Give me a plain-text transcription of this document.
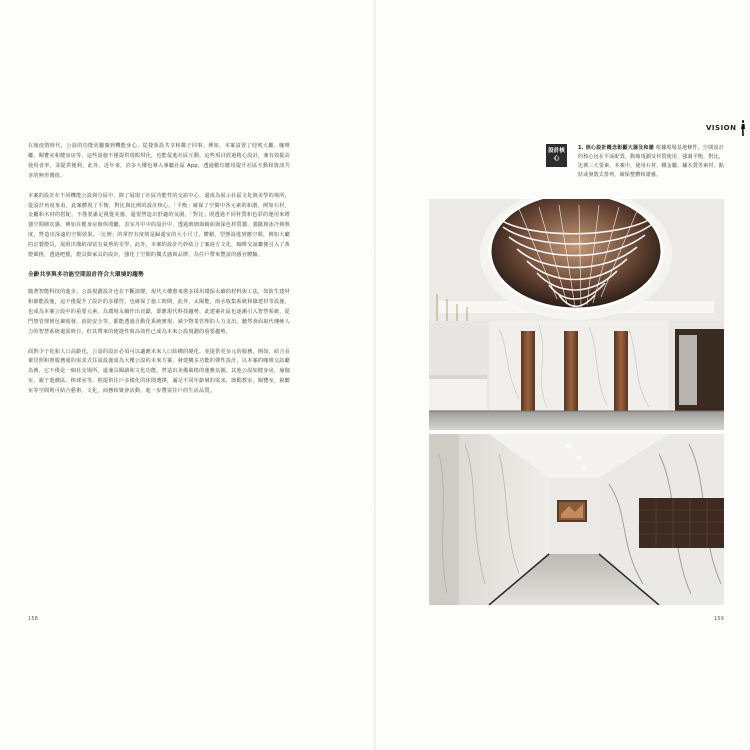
在後疫情時代，公設的功能更屬廣到機能身心，從捷象設共享和鄰子同事、例如，本案設置了迎賓大廳、咖啡廳、閱覽室和健身房等，這些設施不僅提供現眼琪化，也能促進社區互動，這些項目經過精心設計，兼有效提高使用者率，並提供便利。此外，近年來，許多大樓也導入專屬社區 App，透過數位應用提升社區互動和資訊共享的無形價值。

本案的設計在不同機能公設與分區中，除了展現了社區功能性的交誼中心，還成為展示社區文化與美學的場所，從設計角度來看，此案體現了平衡，對比與比例的設計核心。「平衡」確保了空間中各元素的和諧，例如石材，金屬和木材的搭配，不僅要滿足視覺美感，還要營造出舒適的氛圍。「對比」則透過不同材質和色彩的運用來增強空間層次感，例如在健身房與休閒廳，表室丹中中的設計中，透過玻璃與鏡面與深色材質牆，強擺與冰冷與熟度，營造出深遠的空間效果。「比例」的掌控有度則是歸還室的大小尺寸，體積，型態設進到應空間，例如大廳的訂製燈具，展現出簡約卻富有氣勢的美學，此外，本案的設計巧妙結合了案商方文化，咖啡交誼廳便引入了黃燈風格，透過吧檯，燈具與家具的設計，強化了空間的獨式感與品牌，為住戶帶來豐富的感官體驗。

全齡共享與多功能空間設計符合大環境的趨勢

隨著智能科技的進步，公設規劃設計也在不斷演變，現代大樓愈來愈多採用環保永續的材料與工法，如防生建材和節能設施，這不僅提升了設計的多樣性，也確保了施工時間，此外，太陽能，雨水收集系統和綠建材等設施，也成為本案公設中的重要元素，為環境永續作出貢獻，即應現代科技趨勢，此建案社區也逐漸引入智慧系統，從門禁管理到包裹收發，消防安全等，都能透過自動化系統實現，減少物業管理的人力支出，聽然會面取代傳統人力的智慧系統還需時日，但其帶來的便捷性與高效性已成為未來公設規劃的重要趨勢。

面對少子化和人口高齡化，公設的設計必須可以適應未來人口結構的變化，並提供更多元的服務。例如，結合長輩居照和照服務通的需求式住設設施成為大樓公設的未來方案，發建構多功能的彈性設計，以本案的咖啡交誼廳為例，它不僅是一個社交場所，還兼具閱讀和文化功能，營造出美備風格的運雅氛圍。其他公設如健身房，瑜伽室，親子遊戲區，棒球室等，則提供住戶多樣化的休閒選擇，滿足不同年齡層的需求，節動教室，閱覽室，視聽室等空間則可結合藝術，文化，商務和聚會活動，進一步豐富住戶的生活品質。

158
VISION
設計核心
1. 核心設計概念彰顯大器及和諧 根據現場基地條件，空間設計的核心包在平面配置，動線規劃及材質使用，強調平衡，對比，比例三大要素，本案中，使用石材，鐵金屬，鏽木質等素材，點狀或發散式排列，確保整體和諧感。
159
